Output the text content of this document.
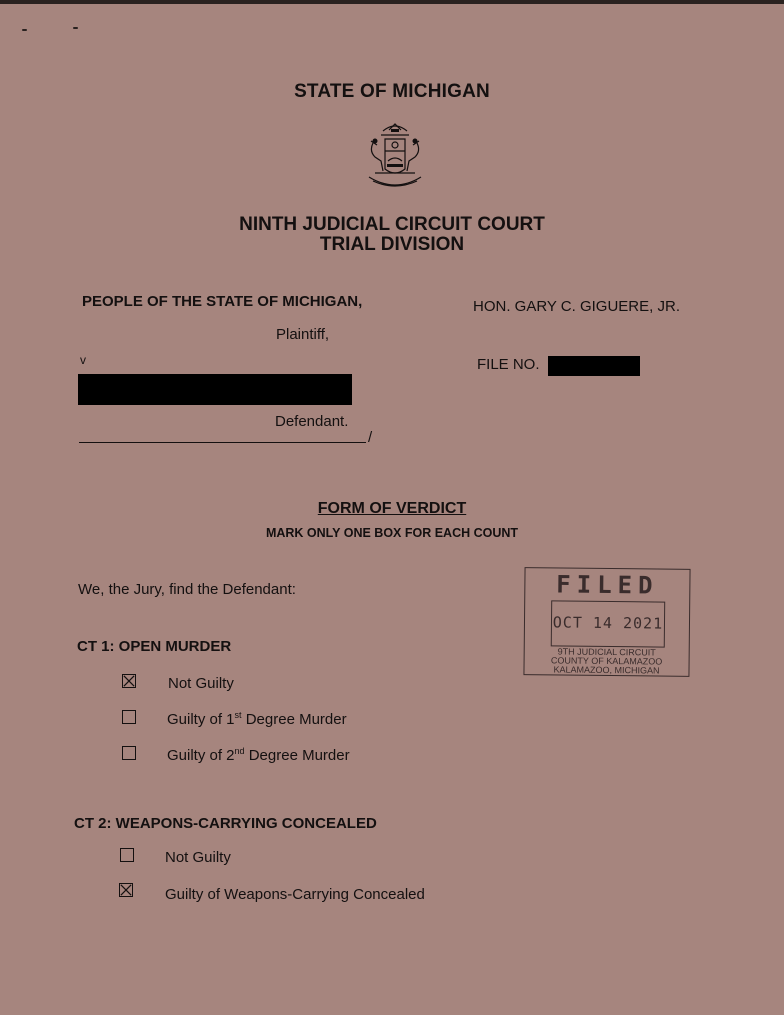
STATE OF MICHIGAN
NINTH JUDICIAL CIRCUIT COURT
TRIAL DIVISION
PEOPLE OF THE STATE OF MICHIGAN,
Plaintiff,
v
Defendant.
/
HON. GARY C. GIGUERE, JR.
FILE NO.
FORM OF VERDICT
MARK ONLY ONE BOX FOR EACH COUNT
We, the Jury, find the Defendant:	FILED
OCT 14 2021
9TH JUDICIAL CIRCUIT
COUNTY OF KALAMAZOO
KALAMAZOO, MICHIGAN
CT 1: OPEN MURDER
Not Guilty
Guilty of 1st Degree Murder
Guilty of 2nd Degree Murder
CT 2: WEAPONS-CARRYING CONCEALED
Not Guilty
Guilty of Weapons-Carrying Concealed
